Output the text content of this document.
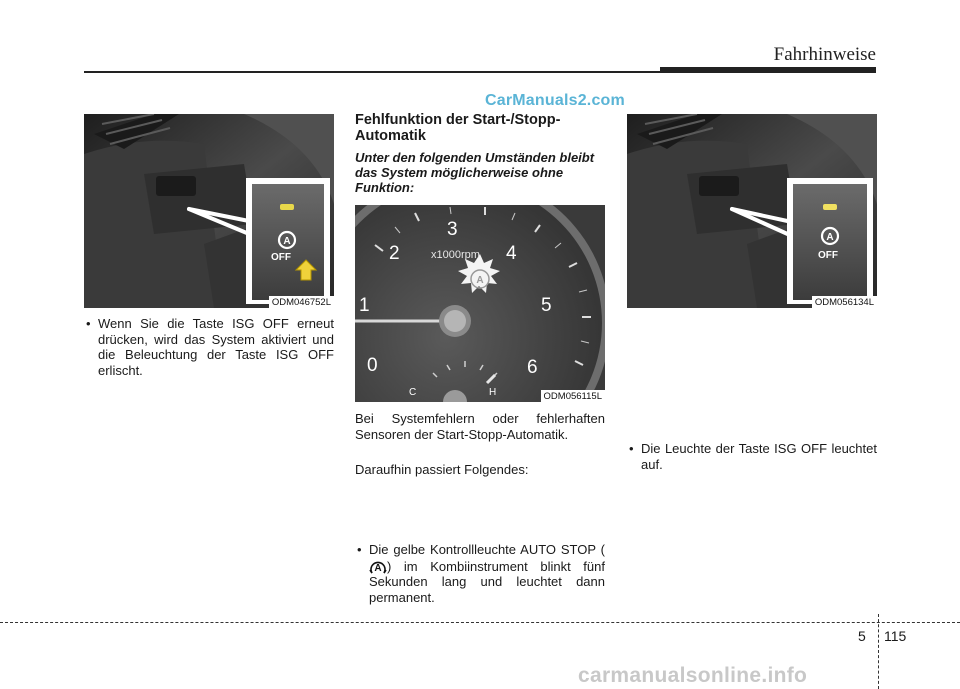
Fahrhinweise
CarManuals2.com
A
OFF
ODM046752L
• Wenn Sie die Taste ISG OFF erneut drücken, wird das System aktiviert und die Beleuchtung der Taste ISG OFF erlischt.
Fehlfunktion der Start-/Stopp-Automatik
Unter den folgenden Umständen bleibt das System möglicherweise ohne Funktion:
A
x1000rpm
0
1
2
3
4
5
6
C	H	ODM056115L
Bei Systemfehlern oder fehlerhaften Sensoren der Start-Stopp-Automatik.
Daraufhin passiert Folgendes:
• Die gelbe Kontrollleuchte AUTO STOP (
A ) im Kombiinstrument blinkt fünf Sekunden lang und leuchtet dann permanent.
A
OFF
ODM056134L
• Die Leuchte der Taste ISG OFF leuchtet auf.
5 115
carmanualsonline.info
